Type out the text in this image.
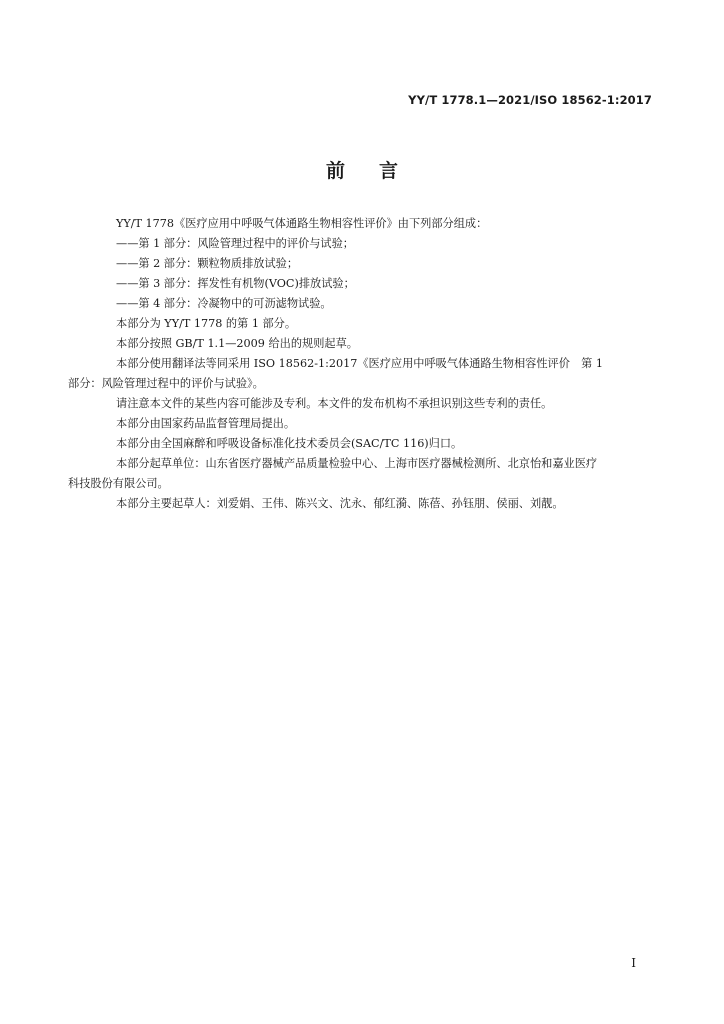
YY/T 1778.1—2021/ISO 18562-1:2017
前言

YY/T 1778《医疗应用中呼吸气体通路生物相容性评价》由下列部分组成：

——第 1 部分：风险管理过程中的评价与试验；

——第 2 部分：颗粒物质排放试验；

——第 3 部分：挥发性有机物(VOC)排放试验；

——第 4 部分：冷凝物中的可沥滤物试验。

本部分为 YY/T 1778 的第 1 部分。

本部分按照 GB/T 1.1—2009 给出的规则起草。

本部分使用翻译法等同采用 ISO 18562-1:2017《医疗应用中呼吸气体通路生物相容性评价　第 1

部分：风险管理过程中的评价与试验》。

请注意本文件的某些内容可能涉及专利。本文件的发布机构不承担识别这些专利的责任。

本部分由国家药品监督管理局提出。

本部分由全国麻醉和呼吸设备标准化技术委员会(SAC/TC 116)归口。

本部分起草单位：山东省医疗器械产品质量检验中心、上海市医疗器械检测所、北京怡和嘉业医疗

科技股份有限公司。

本部分主要起草人：刘爱娟、王伟、陈兴文、沈永、郁红漪、陈蓓、孙钰朋、侯丽、刘靓。

I
